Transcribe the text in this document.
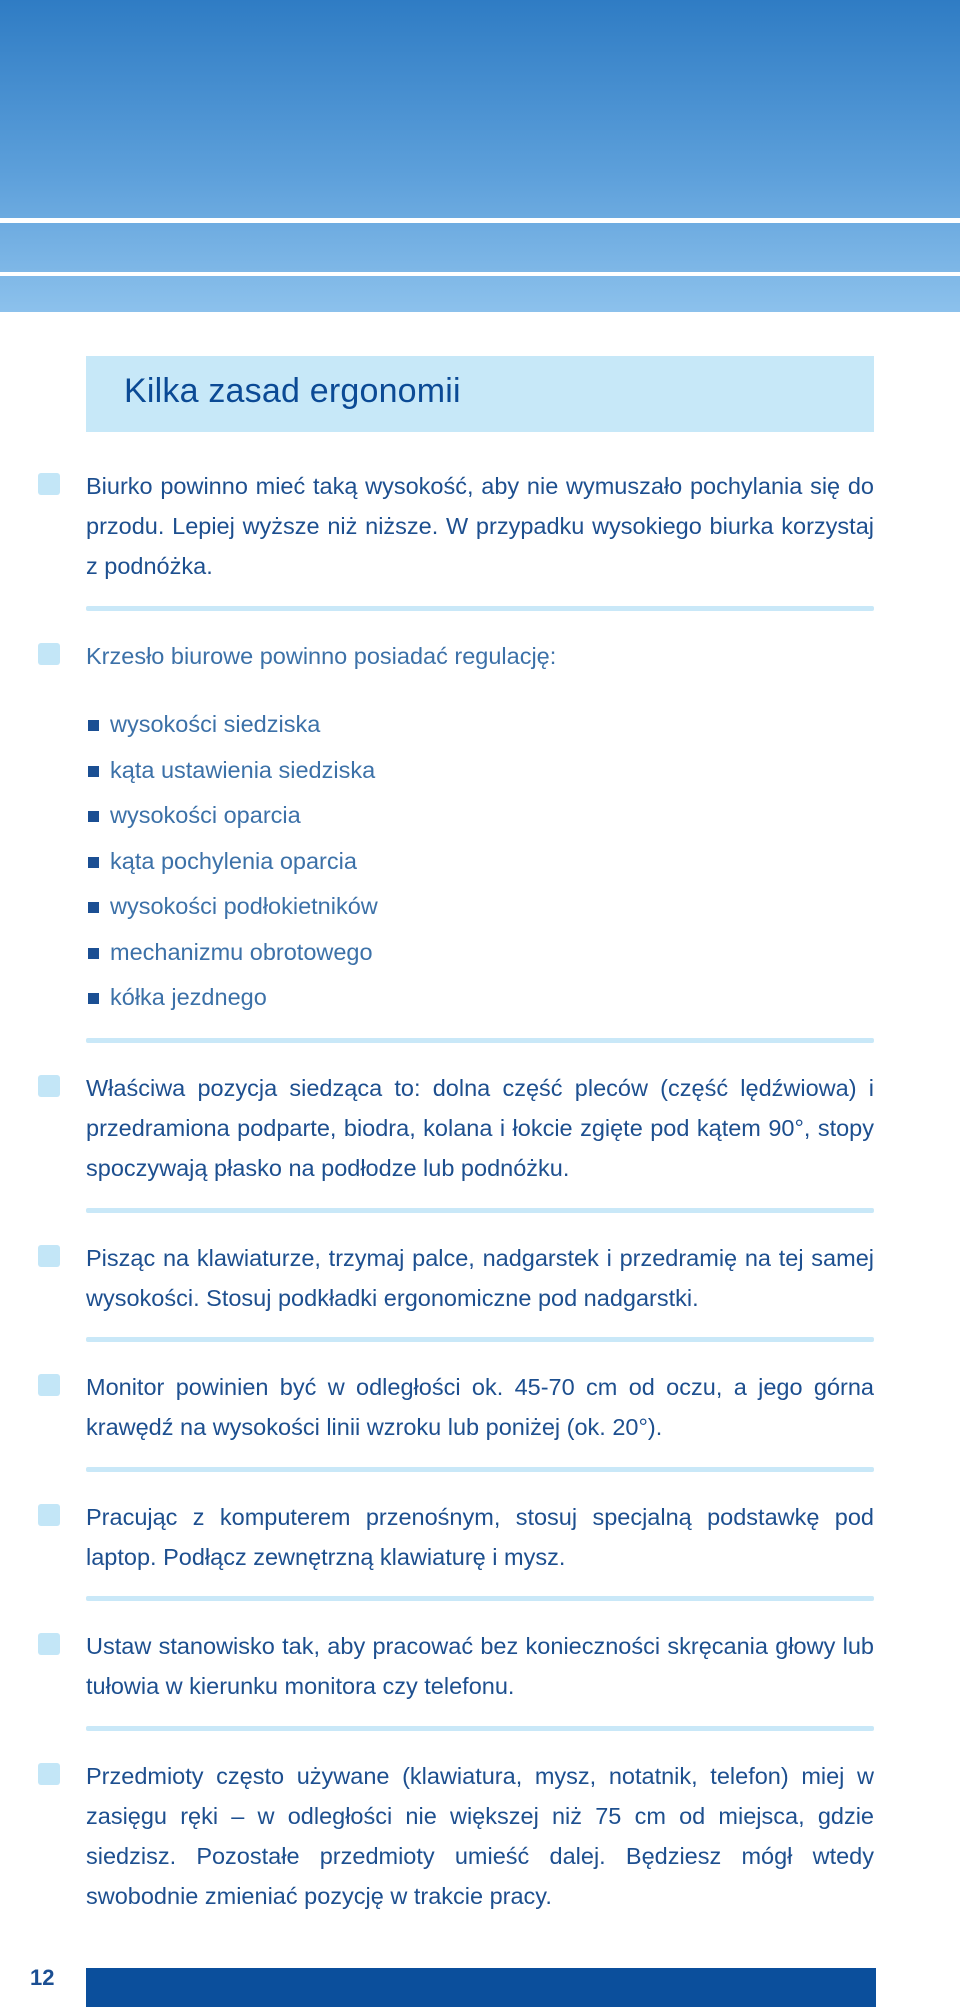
Kilka zasad ergonomii

Biurko powinno mieć taką wysokość, aby nie wymuszało pochylania się do przodu. Lepiej wyższe niż niższe. W przypadku wysokiego biurka korzystaj z podnóżka.

Krzesło biurowe powinno posiadać regulację:

wysokości siedziska
kąta ustawienia siedziska
wysokości oparcia
kąta pochylenia oparcia
wysokości podłokietników
mechanizmu obrotowego
kółka jezdnego

Właściwa pozycja siedząca to: dolna część pleców (część lędźwiowa) i przedramiona podparte, biodra, kolana i łokcie zgięte pod kątem 90°, stopy spoczywają płasko na podłodze lub podnóżku.

Pisząc na klawiaturze, trzymaj palce, nadgarstek i przedramię na tej samej wysokości. Stosuj podkładki ergonomiczne pod nadgarstki.

Monitor powinien być w odległości ok. 45-70 cm od oczu, a jego górna krawędź na wysokości linii wzroku lub poniżej (ok. 20°).

Pracując z komputerem przenośnym, stosuj specjalną podstawkę pod laptop. Podłącz zewnętrzną klawiaturę i mysz.

Ustaw stanowisko tak, aby pracować bez konieczności skręcania głowy lub tułowia w kierunku monitora czy telefonu.

Przedmioty często używane (klawiatura, mysz, notatnik, telefon) miej w zasięgu ręki – w odległości nie większej niż 75 cm od miejsca, gdzie siedzisz. Pozostałe przedmioty umieść dalej. Będziesz mógł wtedy swobodnie zmieniać pozycję w trakcie pracy.

12
